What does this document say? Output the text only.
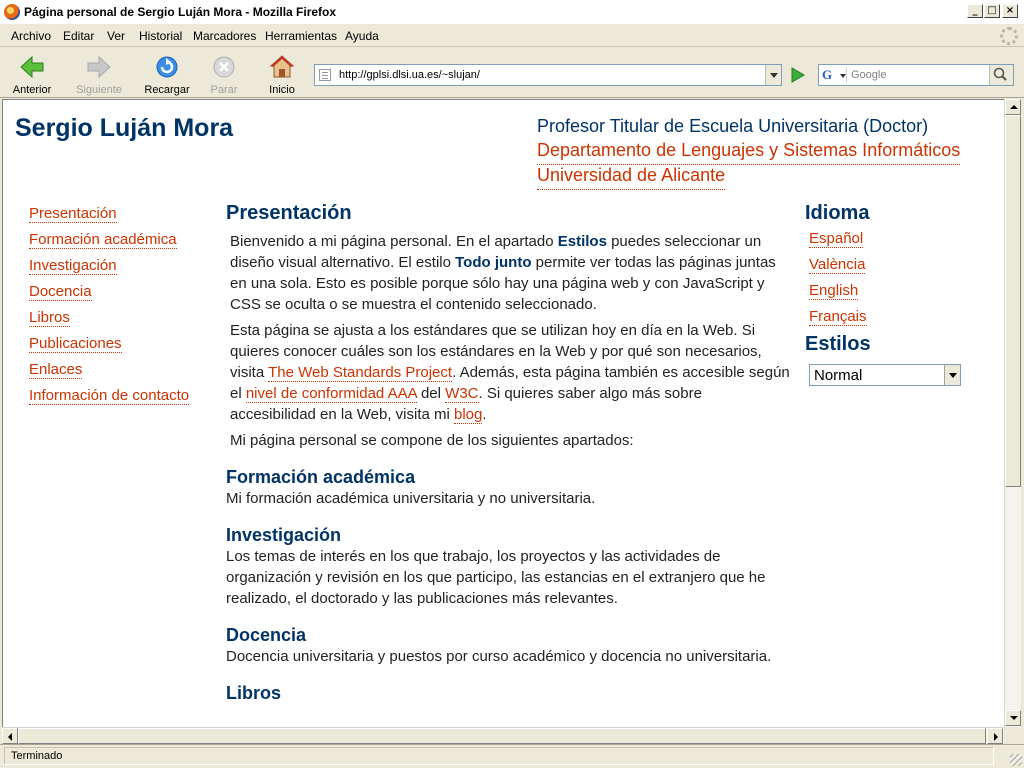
Página personal de Sergio Luján Mora - Mozilla Firefox	_ □ ×
Archivo Editar Ver Historial Marcadores Herramientas Ayuda
Anterior	Siguiente Recargar	Parar	Inicio
http://gplsi.dlsi.ua.es/~slujan/	G
Google
Sergio Luján Mora	Profesor Titular de Escuela Universitaria (Doctor)
Departamento de Lenguajes y Sistemas Informáticos
Universidad de Alicante
Presentación
Formación académica
Investigación
Docencia
Libros
Publicaciones
Enlaces
Información de contacto
Presentación

Bienvenido a mi página personal. En el apartado Estilos puedes seleccionar un diseño visual alternativo. El estilo Todo junto permite ver todas las páginas juntas en una sola. Esto es posible porque sólo hay una página web y con JavaScript y CSS se oculta o se muestra el contenido seleccionado.

Esta página se ajusta a los estándares que se utilizan hoy en día en la Web. Si quieres conocer cuáles son los estándares en la Web y por qué son necesarios, visita The Web Standards Project. Además, esta página también es accesible según el nivel de conformidad AAA del W3C. Si quieres saber algo más sobre accesibilidad en la Web, visita mi blog.

Mi página personal se compone de los siguientes apartados:

Formación académica

Mi formación académica universitaria y no universitaria.

Investigación

Los temas de interés en los que trabajo, los proyectos y las actividades de organización y revisión en los que participo, las estancias en el extranjero que he realizado, el doctorado y las publicaciones más relevantes.

Docencia

Docencia universitaria y puestos por curso académico y docencia no universitaria.

Libros
Idioma
Español
València
English
Français
Estilos
Normal
Terminado
